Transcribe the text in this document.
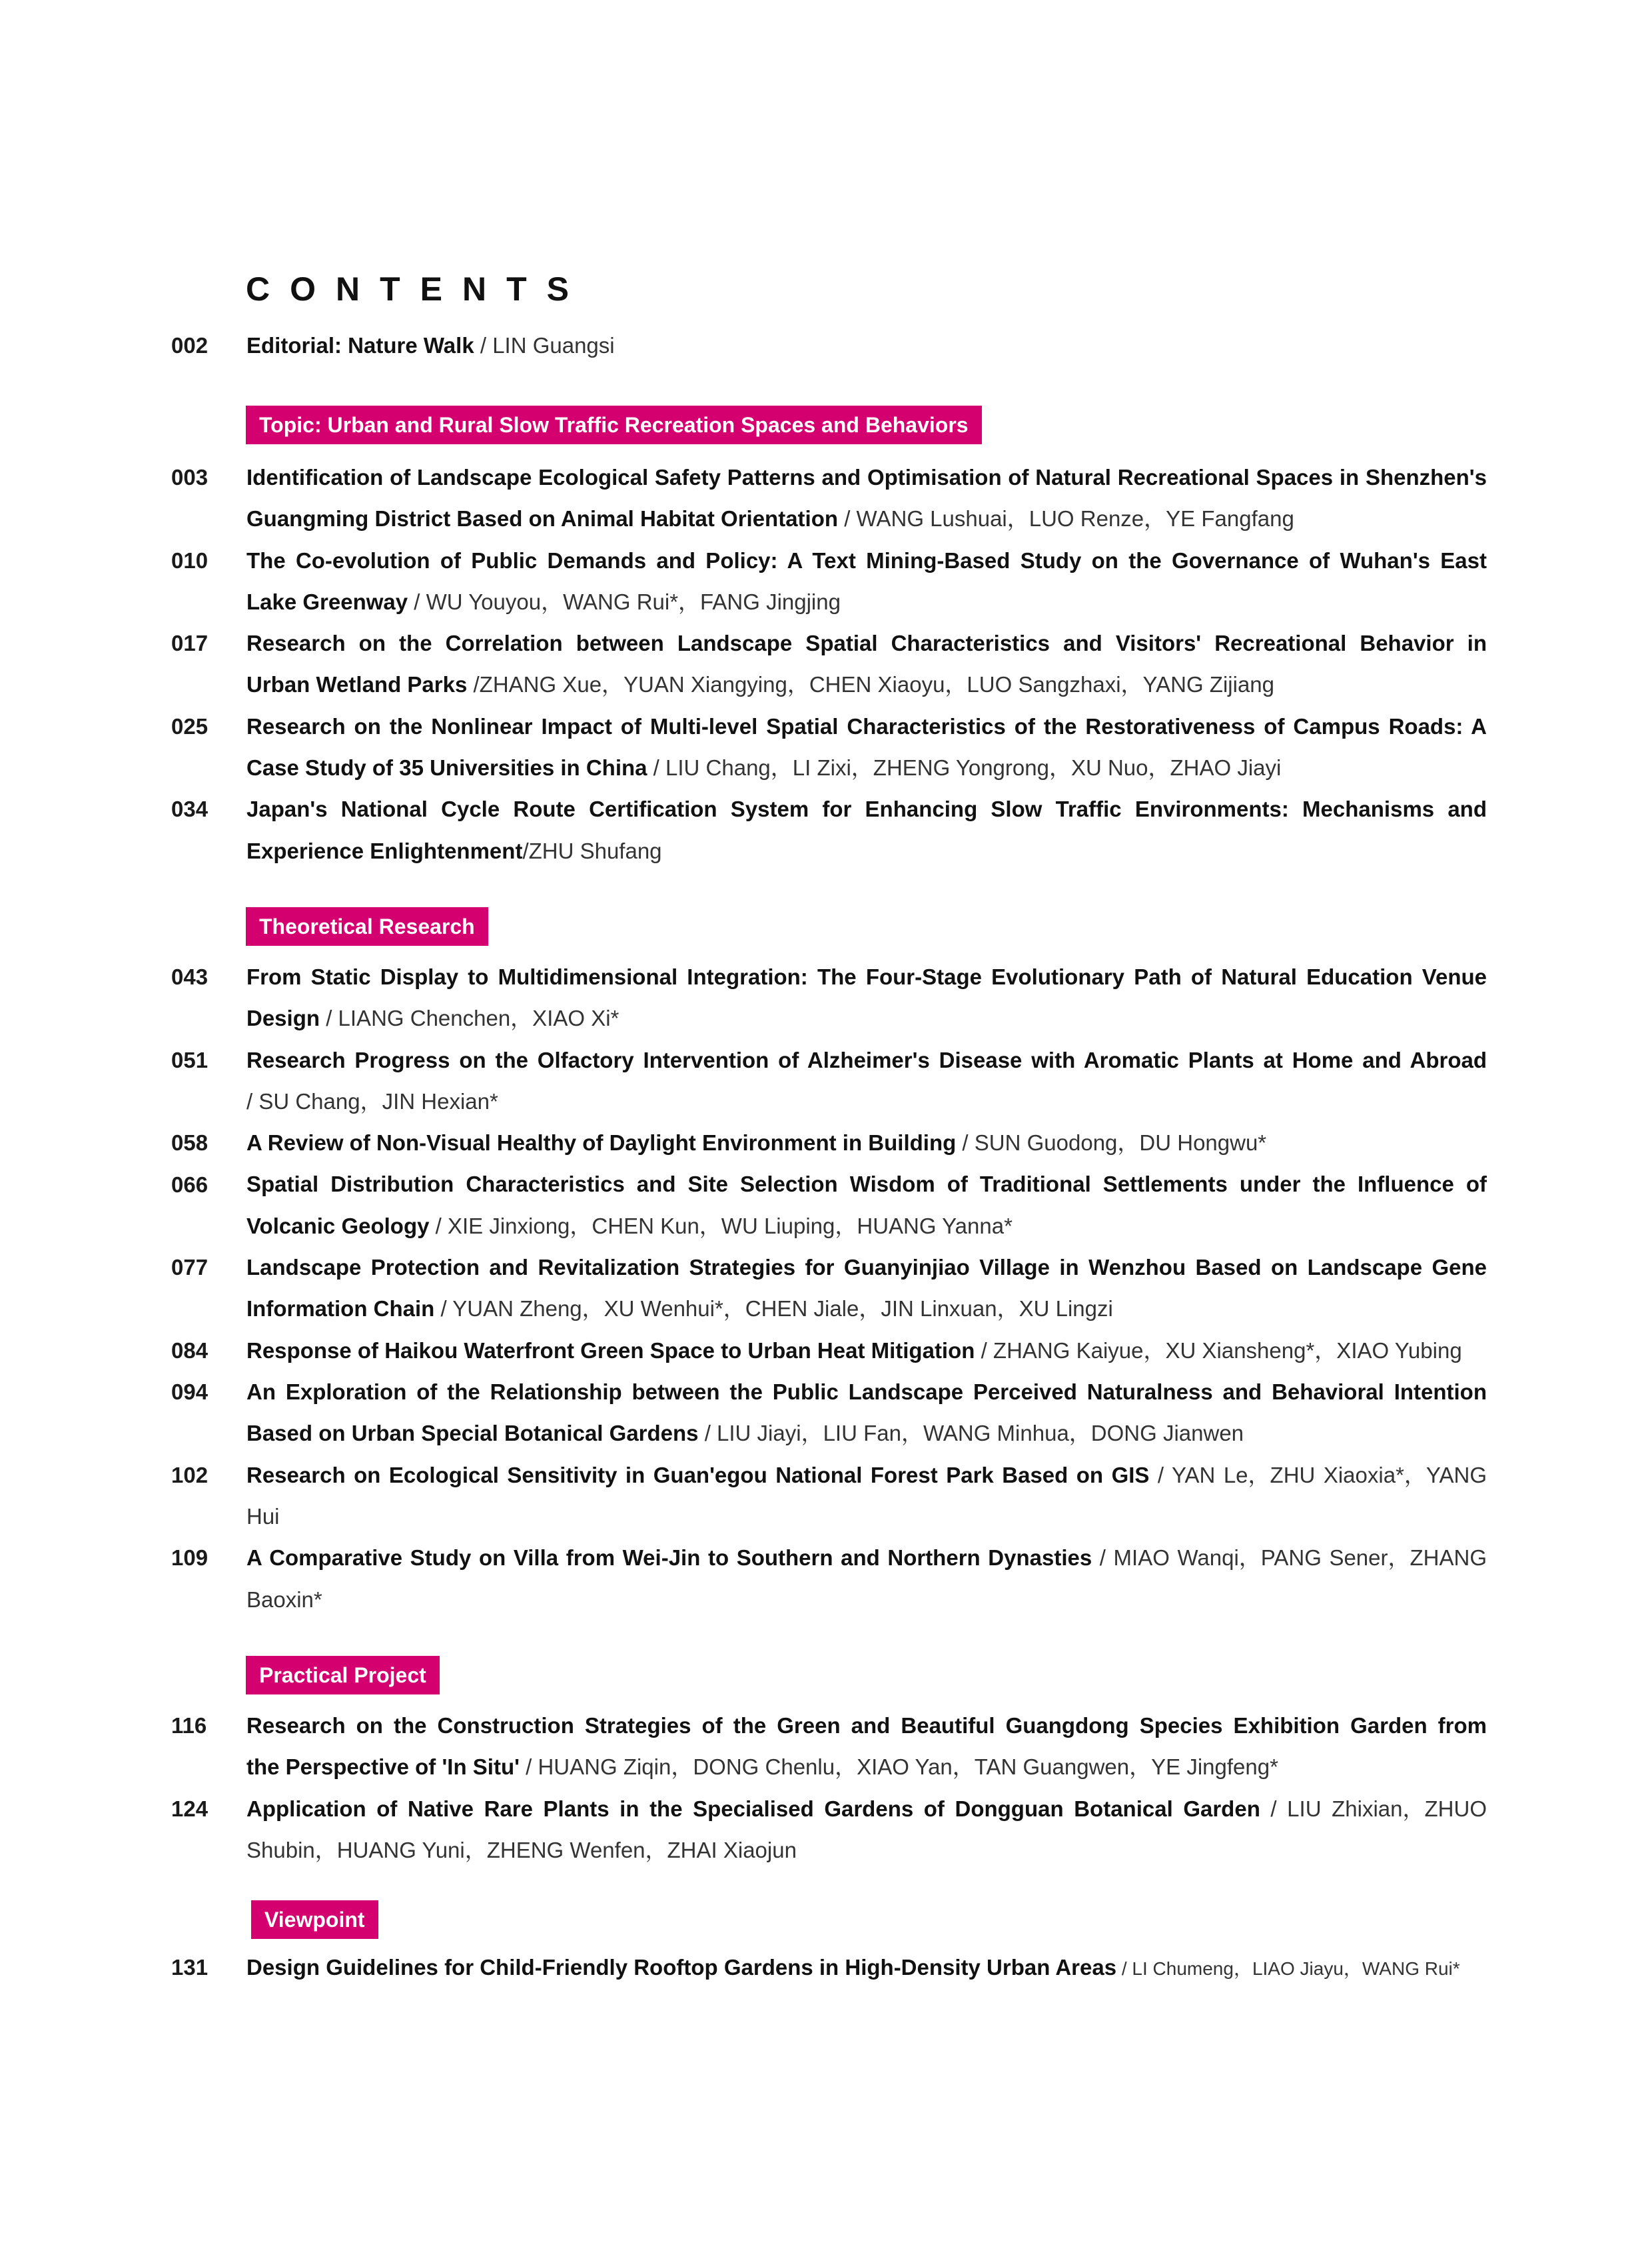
CONTENTS
002	Editorial: Nature Walk / LIN Guangsi
Topic: Urban and Rural Slow Traffic Recreation Spaces and Behaviors
003	Identification of Landscape Ecological Safety Patterns and Optimisation of Natural Recreational Spaces in Shenzhen's
Guangming District Based on Animal Habitat Orientation / WANG Lushuai，LUO Renze，YE Fangfang
010	The Co-evolution of Public Demands and Policy: A Text Mining-Based Study on the Governance of Wuhan's East
Lake Greenway / WU Youyou，WANG Rui*，FANG Jingjing
017	Research on the Correlation between Landscape Spatial Characteristics and Visitors' Recreational Behavior in
Urban Wetland Parks /ZHANG Xue，YUAN Xiangying，CHEN Xiaoyu，LUO Sangzhaxi，YANG Zijiang
025	Research on the Nonlinear Impact of Multi-level Spatial Characteristics of the Restorativeness of Campus Roads: A
Case Study of 35 Universities in China / LIU Chang，LI Zixi，ZHENG Yongrong，XU Nuo，ZHAO Jiayi
034	Japan's National Cycle Route Certification System for Enhancing Slow Traffic Environments: Mechanisms and
Experience Enlightenment/ZHU Shufang
Theoretical Research
043	From Static Display to Multidimensional Integration: The Four-Stage Evolutionary Path of Natural Education Venue
Design / LIANG Chenchen，XIAO Xi*
051	Research Progress on the Olfactory Intervention of Alzheimer's Disease with Aromatic Plants at Home and Abroad
/ SU Chang，JIN Hexian*
058	A Review of Non-Visual Healthy of Daylight Environment in Building / SUN Guodong，DU Hongwu*
066	Spatial Distribution Characteristics and Site Selection Wisdom of Traditional Settlements under the Influence of
Volcanic Geology / XIE Jinxiong，CHEN Kun，WU Liuping，HUANG Yanna*
077	Landscape Protection and Revitalization Strategies for Guanyinjiao Village in Wenzhou Based on Landscape Gene
Information Chain / YUAN Zheng，XU Wenhui*，CHEN Jiale，JIN Linxuan，XU Lingzi
084	Response of Haikou Waterfront Green Space to Urban Heat Mitigation / ZHANG Kaiyue，XU Xiansheng*，XIAO Yubing
094	An Exploration of the Relationship between the Public Landscape Perceived Naturalness and Behavioral Intention
Based on Urban Special Botanical Gardens / LIU Jiayi，LIU Fan，WANG Minhua，DONG Jianwen
102	Research on Ecological Sensitivity in Guan'egou National Forest Park Based on GIS / YAN Le，ZHU Xiaoxia*，YANG
Hui
109	A Comparative Study on Villa from Wei-Jin to Southern and Northern Dynasties / MIAO Wanqi，PANG Sener，ZHANG
Baoxin*
Practical Project
116	Research on the Construction Strategies of the Green and Beautiful Guangdong Species Exhibition Garden from
the Perspective of 'In Situ' / HUANG Ziqin，DONG Chenlu，XIAO Yan，TAN Guangwen，YE Jingfeng*
124	Application of Native Rare Plants in the Specialised Gardens of Dongguan Botanical Garden / LIU Zhixian，ZHUO
Shubin，HUANG Yuni，ZHENG Wenfen，ZHAI Xiaojun
Viewpoint
131	Design Guidelines for Child-Friendly Rooftop Gardens in High-Density Urban Areas / LI Chumeng，LIAO Jiayu，WANG Rui*
